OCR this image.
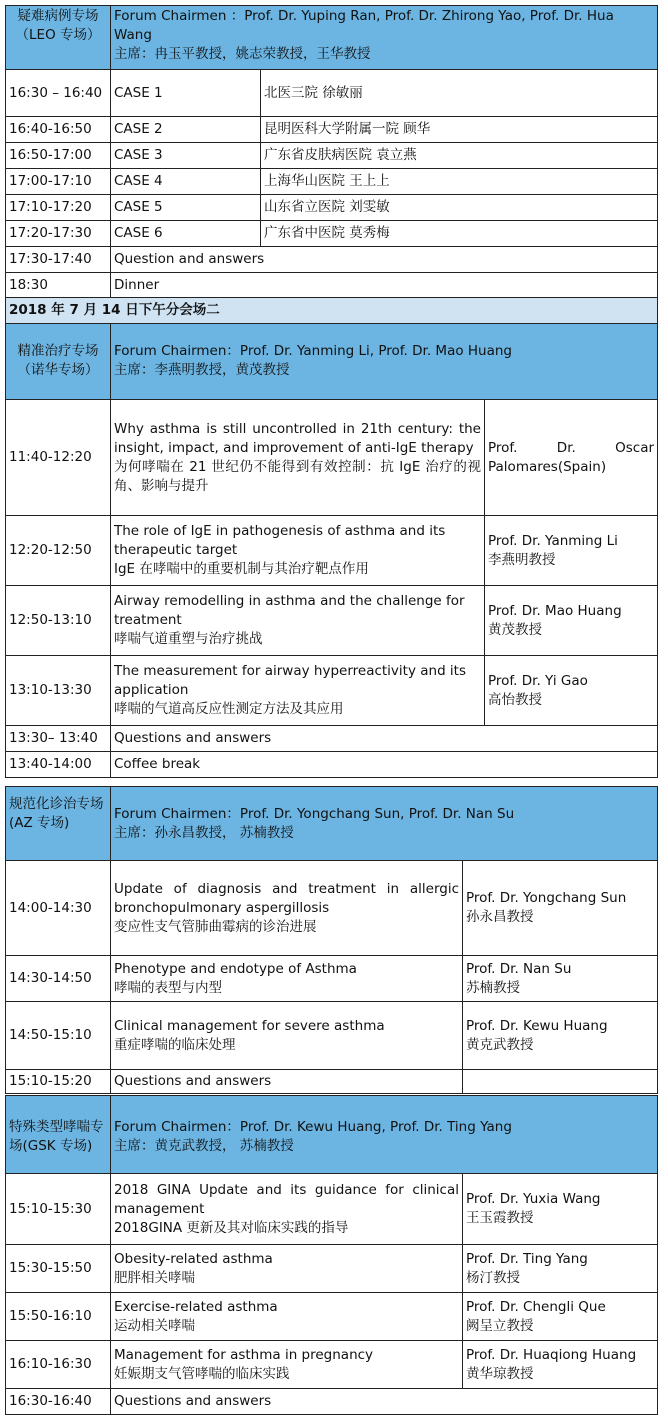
疑难病例专场（LEO 专场）	Forum Chairmen ：Prof. Dr. Yuping Ran, Prof. Dr. Zhirong Yao, Prof. Dr. Hua Wang
主席：冉玉平教授，姚志荣教授，王华教授	

16:30 – 16:40	CASE 1	北医三院 徐敏丽
16:40-16:50	CASE 2	昆明医科大学附属一院 顾华
16:50-17:00	CASE 3	广东省皮肤病医院 袁立燕
17:00-17:10	CASE 4	上海华山医院 王上上
17:10-17:20	CASE 5	山东省立医院 刘雯敏
17:20-17:30	CASE 6	广东省中医院 莫秀梅
17:30-17:40	Question and answers	
18:30	Dinner	
2018 年 7 月 14 日下午分会场二		
精准治疗专场（诺华专场）	Forum Chairmen：Prof. Dr. Yanming Li, Prof. Dr. Mao Huang
主席：李燕明教授，黄茂教授	

11:40-12:20	Why asthma is still uncontrolled in 21th century: the insight, impact, and improvement of anti-IgE therapy
为何哮喘在 21 世纪仍不能得到有效控制：抗 IgE 治疗的视角、影响与提升	Prof. Dr. Oscar Palomares(Spain)

12:20-12:50	The role of IgE in pathogenesis of asthma and its therapeutic target
IgE 在哮喘中的重要机制与其治疗靶点作用	Prof. Dr. Yanming Li
李燕明教授

12:50-13:10	Airway remodelling in asthma and the challenge for treatment
哮喘气道重塑与治疗挑战	Prof. Dr. Mao Huang
黄茂教授

13:10-13:30	The measurement for airway hyperreactivity and its application
哮喘的气道高反应性测定方法及其应用	Prof. Dr. Yi Gao
高怡教授

13:30– 13:40	Questions and answers	
13:40-14:00	Coffee break	
规范化诊治专场(AZ 专场)	Forum Chairmen：Prof. Dr. Yongchang Sun, Prof. Dr. Nan Su
主席：孙永昌教授， 苏楠教授	

14:00-14:30	Update of diagnosis and treatment in allergic bronchopulmonary aspergillosis
变应性支气管肺曲霉病的诊治进展	Prof. Dr. Yongchang Sun
孙永昌教授

14:30-14:50	Phenotype and endotype of Asthma
哮喘的表型与内型	Prof. Dr. Nan Su
苏楠教授

14:50-15:10	Clinical management for severe asthma
重症哮喘的临床处理	Prof. Dr. Kewu Huang
黄克武教授

15:10-15:20	Questions and answers	
特殊类型哮喘专场(GSK 专场)	Forum Chairmen：Prof. Dr. Kewu Huang, Prof. Dr. Ting Yang
主席：黄克武教授， 苏楠教授	

15:10-15:30	2018 GINA Update and its guidance for clinical management
2018GINA 更新及其对临床实践的指导	Prof. Dr. Yuxia Wang
王玉霞教授

15:30-15:50	Obesity-related asthma
肥胖相关哮喘	Prof. Dr. Ting Yang
杨汀教授

15:50-16:10	Exercise-related asthma
运动相关哮喘	Prof. Dr. Chengli Que
阙呈立教授

16:10-16:30	Management for asthma in pregnancy
妊娠期支气管哮喘的临床实践	Prof. Dr. Huaqiong Huang
黄华琼教授

16:30-16:40	Questions and answers	
